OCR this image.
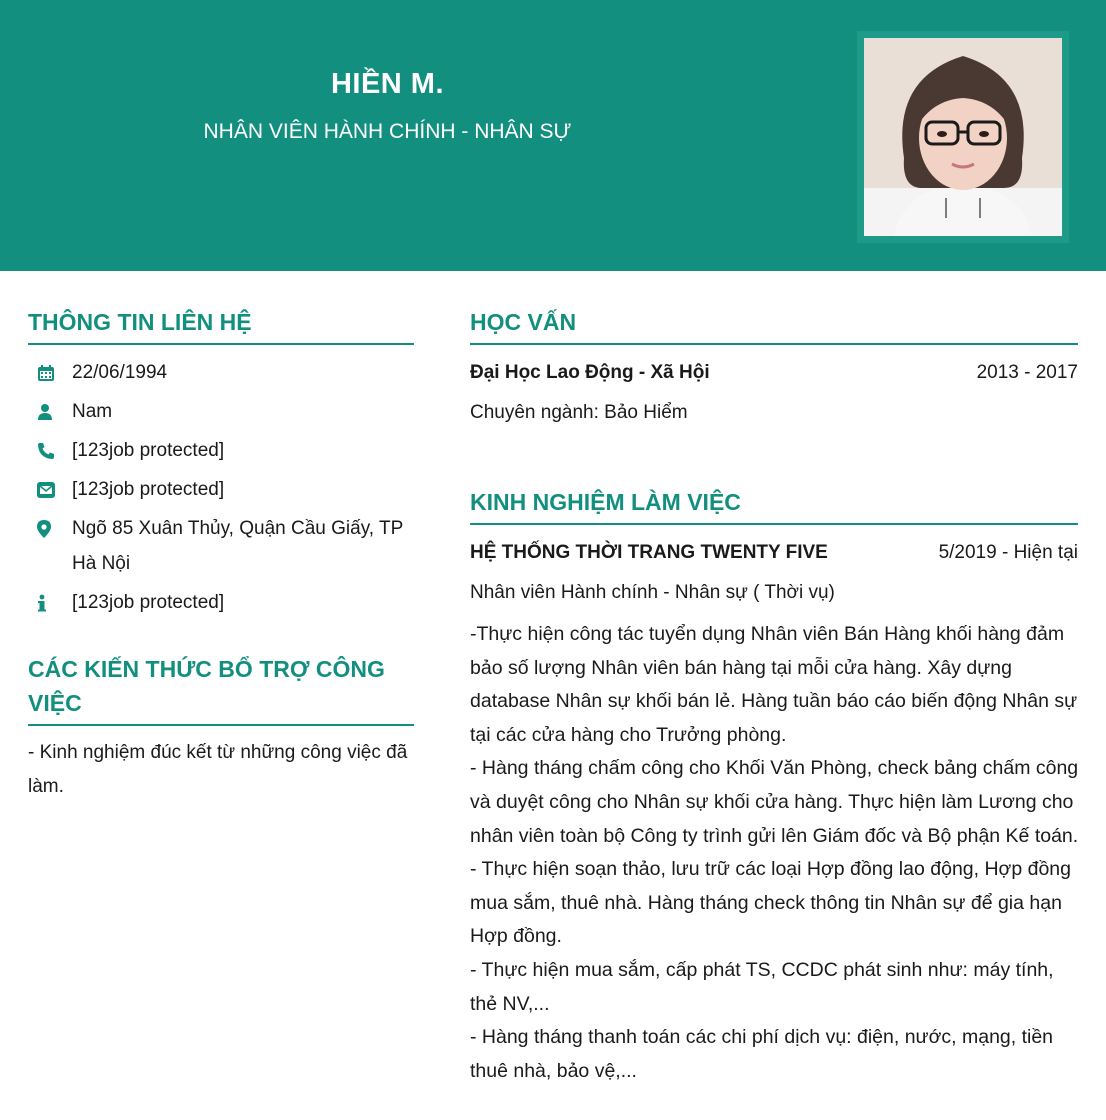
HIỀN M.
NHÂN VIÊN HÀNH CHÍNH - NHÂN SỰ
THÔNG TIN LIÊN HỆ
22/06/1994
Nam
[123job protected]
[123job protected]
Ngõ 85 Xuân Thủy, Quận Cầu Giấy, TP Hà Nội
[123job protected]
CÁC KIẾN THỨC BỔ TRỢ CÔNG VIỆC
- Kinh nghiệm đúc kết từ những công việc đã làm.
HỌC VẤN
Đại Học Lao Động - Xã Hội	2013 - 2017
Chuyên ngành: Bảo Hiểm
KINH NGHIỆM LÀM VIỆC
HỆ THỐNG THỜI TRANG TWENTY FIVE	5/2019 - Hiện tại
Nhân viên Hành chính - Nhân sự ( Thời vụ)

-Thực hiện công tác tuyển dụng Nhân viên Bán Hàng khối hàng đảm bảo số lượng Nhân viên bán hàng tại mỗi cửa hàng. Xây dựng database Nhân sự khối bán lẻ. Hàng tuần báo cáo biến động Nhân sự tại các cửa hàng cho Trưởng phòng.

- Hàng tháng chấm công cho Khối Văn Phòng, check bảng chấm công và duyệt công cho Nhân sự khối cửa hàng. Thực hiện làm Lương cho nhân viên toàn bộ Công ty trình gửi lên Giám đốc và Bộ phận Kế toán.

- Thực hiện soạn thảo, lưu trữ các loại Hợp đồng lao động, Hợp đồng mua sắm, thuê nhà. Hàng tháng check thông tin Nhân sự để gia hạn Hợp đồng.

- Thực hiện mua sắm, cấp phát TS, CCDC phát sinh như: máy tính, thẻ NV,...

- Hàng tháng thanh toán các chi phí dịch vụ: điện, nước, mạng, tiền thuê nhà, bảo vệ,...
